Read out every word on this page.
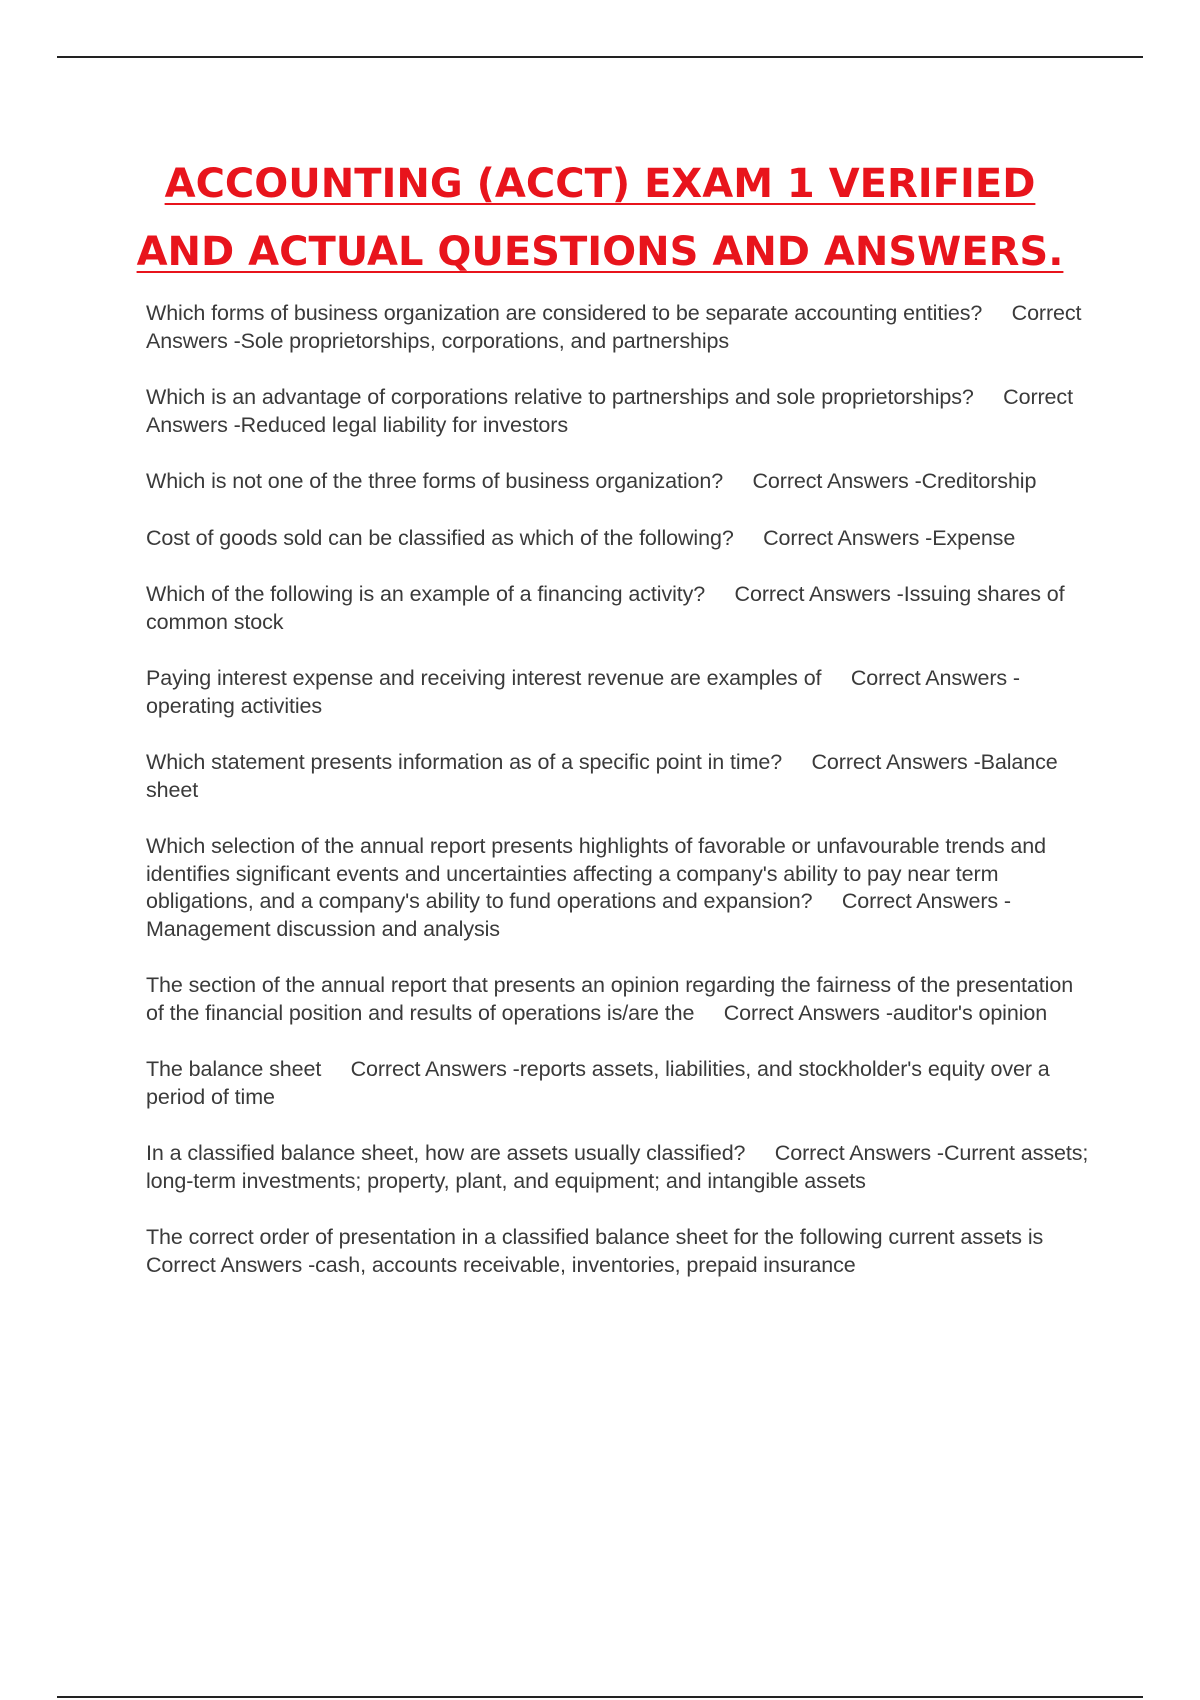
ACCOUNTING (ACCT) EXAM 1 VERIFIED
AND ACTUAL QUESTIONS AND ANSWERS.
Which forms of business organization are considered to be separate accounting entities? Correct Answers -Sole proprietorships, corporations, and partnerships
Which is an advantage of corporations relative to partnerships and sole proprietorships? Correct Answers -Reduced legal liability for investors
Which is not one of the three forms of business organization? Correct Answers -Creditorship
Cost of goods sold can be classified as which of the following? Correct Answers -Expense
Which of the following is an example of a financing activity? Correct Answers -Issuing shares of common stock
Paying interest expense and receiving interest revenue are examples of Correct Answers -operating activities
Which statement presents information as of a specific point in time? Correct Answers -Balance sheet
Which selection of the annual report presents highlights of favorable or unfavourable trends and identifies significant events and uncertainties affecting a company's ability to pay near term obligations, and a company's ability to fund operations and expansion? Correct Answers -Management discussion and analysis
The section of the annual report that presents an opinion regarding the fairness of the presentation of the financial position and results of operations is/are the Correct Answers -auditor's opinion
The balance sheet Correct Answers -reports assets, liabilities, and stockholder's equity over a period of time
In a classified balance sheet, how are assets usually classified? Correct Answers -Current assets; long-term investments; property, plant, and equipment; and intangible assets
The correct order of presentation in a classified balance sheet for the following current assets is     Correct Answers -cash, accounts receivable, inventories, prepaid insurance
